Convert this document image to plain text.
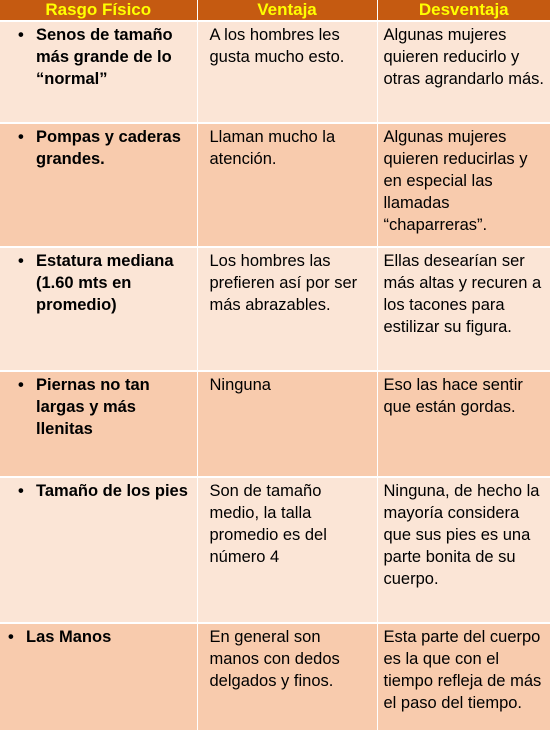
Rasgo Físico	Ventaja	Desventaja

• Senos de tamaño más grande de lo “normal”	A los hombres les gusta mucho esto.	Algunas mujeres quieren reducirlo y otras agrandarlo más.

• Pompas y caderas grandes.	Llaman mucho la atención.	Algunas mujeres quieren reducirlas y en especial las llamadas “chaparreras”.

• Estatura mediana (1.60 mts en promedio)	Los hombres las prefieren así por ser más abrazables.	Ellas desearían ser más altas y recuren a los tacones para estilizar su figura.

• Piernas no tan largas y más llenitas	Ninguna	Eso las hace sentir que están gordas.

• Tamaño de los pies	Son de tamaño medio, la talla promedio es del número 4	Ninguna, de hecho la mayoría considera que sus pies es una parte bonita de su cuerpo.

• Las Manos	En general son manos con dedos delgados y finos.	Esta parte del cuerpo es la que con el tiempo refleja de más el paso del tiempo.
